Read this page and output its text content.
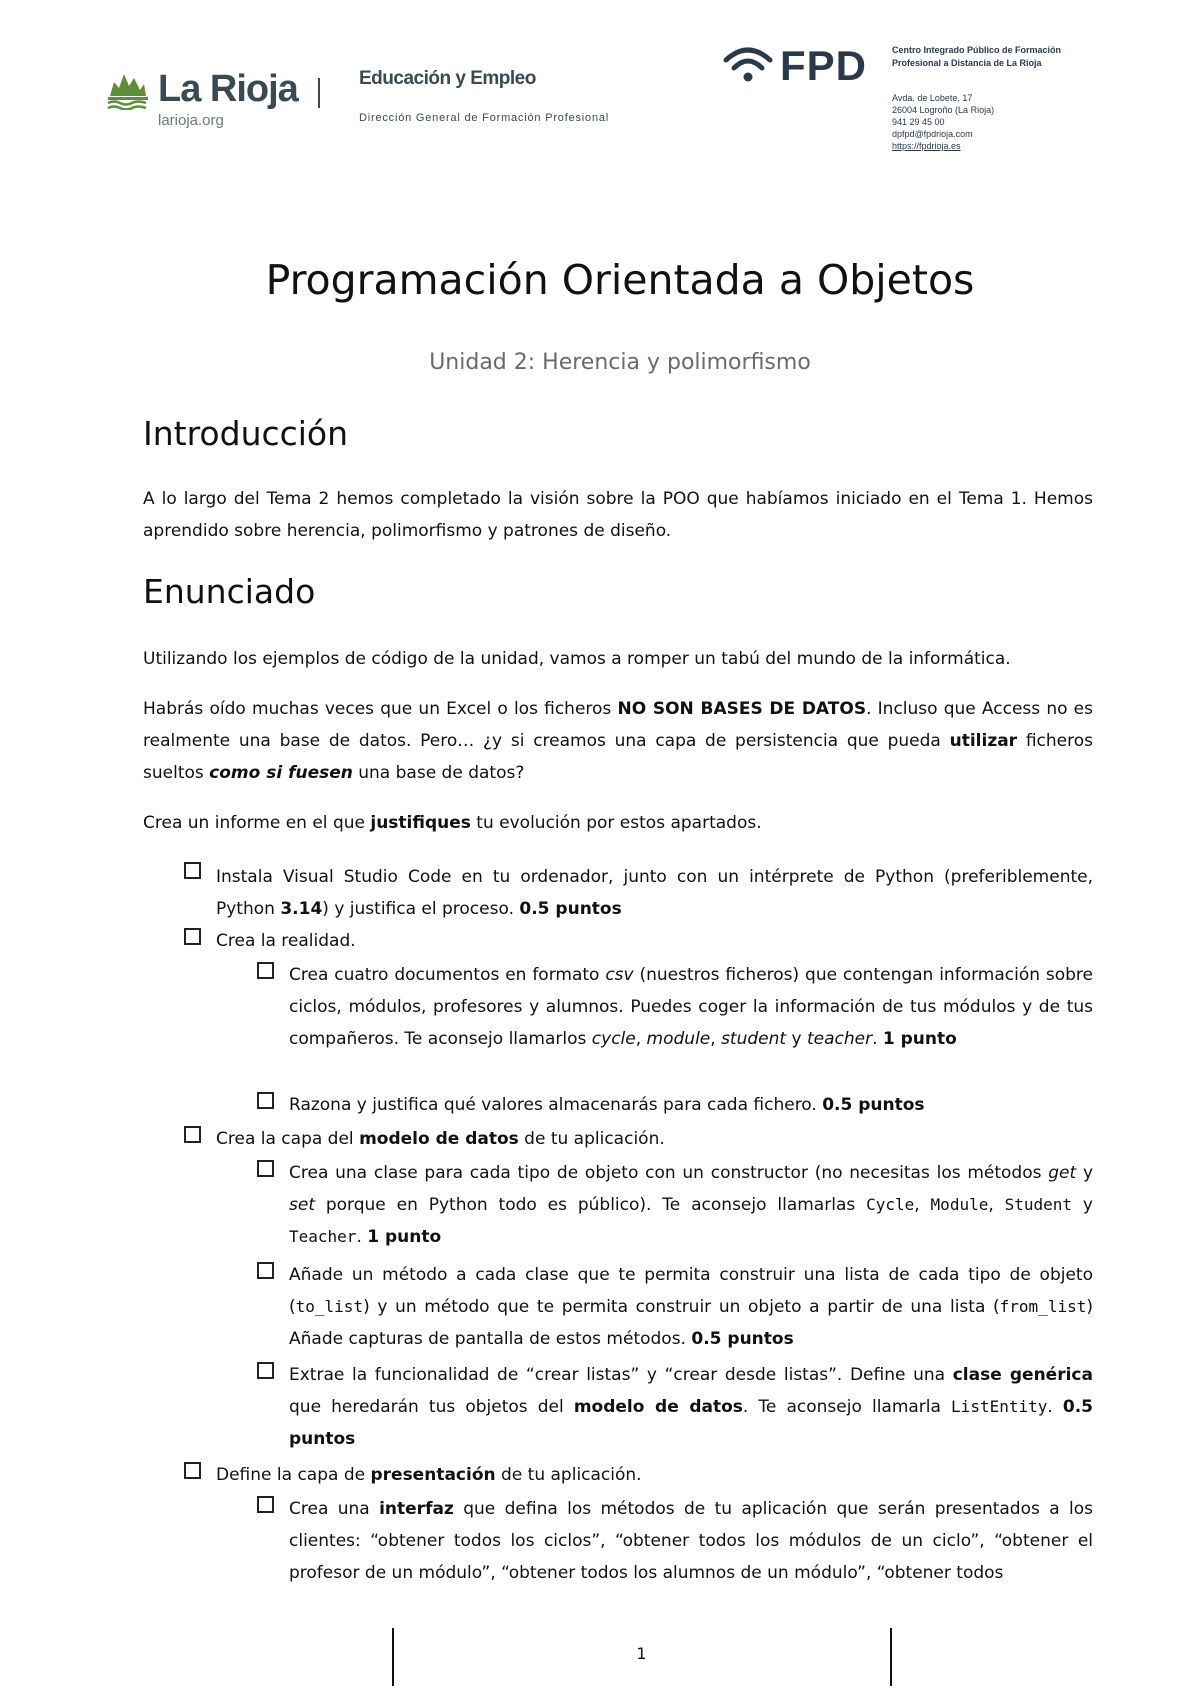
La Rioja
larioja.org
Educación y Empleo
Dirección General de Formación Profesional
FPD	Centro Integrado Público de Formación Profesional a Distancia de La Rioja
Avda. de Lobete, 17
26004 Logroño (La Rioja)
941 29 45 00
dpfpd@fpdrioja.com
https://fpdrioja.es
Programación Orientada a Objetos
Unidad 2: Herencia y polimorfismo
Introducción

A lo largo del Tema 2 hemos completado la visión sobre la POO que habíamos iniciado en el Tema 1. Hemos aprendido sobre herencia, polimorfismo y patrones de diseño.

Enunciado

Utilizando los ejemplos de código de la unidad, vamos a romper un tabú del mundo de la informática.

Habrás oído muchas veces que un Excel o los ficheros NO SON BASES DE DATOS. Incluso que Access no es realmente una base de datos. Pero… ¿y si creamos una capa de persistencia que pueda utilizar ficheros sueltos como si fuesen una base de datos?

Crea un informe en el que justifiques tu evolución por estos apartados.

Instala Visual Studio Code en tu ordenador, junto con un intérprete de Python (preferiblemente, Python 3.14) y justifica el proceso. 0.5 puntos
Crea la realidad.
Crea cuatro documentos en formato csv (nuestros ficheros) que contengan información sobre ciclos, módulos, profesores y alumnos. Puedes coger la información de tus módulos y de tus compañeros. Te aconsejo llamarlos cycle, module, student y teacher. 1 punto
Razona y justifica qué valores almacenarás para cada fichero. 0.5 puntos
Crea la capa del modelo de datos de tu aplicación.
Crea una clase para cada tipo de objeto con un constructor (no necesitas los métodos get y set porque en Python todo es público). Te aconsejo llamarlas Cycle, Module, Student y Teacher. 1 punto
Añade un método a cada clase que te permita construir una lista de cada tipo de objeto (to_list) y un método que te permita construir un objeto a partir de una lista (from_list) Añade capturas de pantalla de estos métodos. 0.5 puntos
Extrae la funcionalidad de “crear listas” y “crear desde listas”. Define una clase genérica que heredarán tus objetos del modelo de datos. Te aconsejo llamarla ListEntity. 0.5 puntos
Define la capa de presentación de tu aplicación.
Crea una interfaz que defina los métodos de tu aplicación que serán presentados a los clientes: “obtener todos los ciclos”, “obtener todos los módulos de un ciclo”, “obtener el profesor de un módulo”, “obtener todos los alumnos de un módulo”, “obtener todos
1
